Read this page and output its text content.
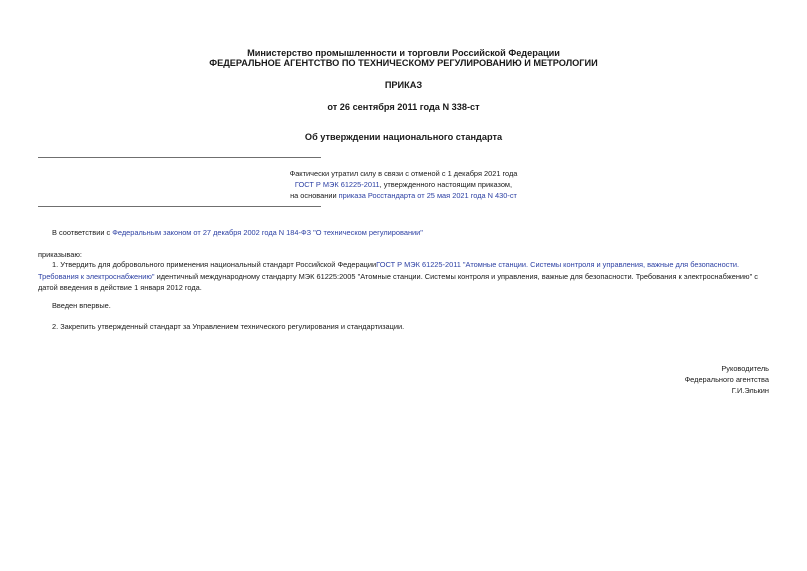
Министерство промышленности и торговли Российской Федерации
ФЕДЕРАЛЬНОЕ АГЕНТСТВО ПО ТЕХНИЧЕСКОМУ РЕГУЛИРОВАНИЮ И МЕТРОЛОГИИ
ПРИКАЗ
от 26 сентября 2011 года N 338-ст
Об утверждении национального стандарта
Фактически утратил силу в связи с отменой с 1 декабря 2021 года
ГОСТ Р МЭК 61225-2011, утвержденного настоящим приказом,
на основании приказа Росстандарта от 25 мая 2021 года N 430-ст
В соответствии с Федеральным законом от 27 декабря 2002 года N 184-ФЗ "О техническом регулировании"
приказываю:
1. Утвердить для добровольного применения национальный стандарт Российской ФедерацииГОСТ Р МЭК 61225-2011 "Атомные станции. Системы контроля и управления, важные для безопасности. Требования к электроснабжению" идентичный международному стандарту МЭК 61225:2005 "Атомные станции. Системы контроля и управления, важные для безопасности. Требования к электроснабжению" с датой введения в действие 1 января 2012 года.
Введен впервые.
2. Закрепить утвержденный стандарт за Управлением технического регулирования и стандартизации.
Руководитель
Федерального агентства
Г.И.Элькин
